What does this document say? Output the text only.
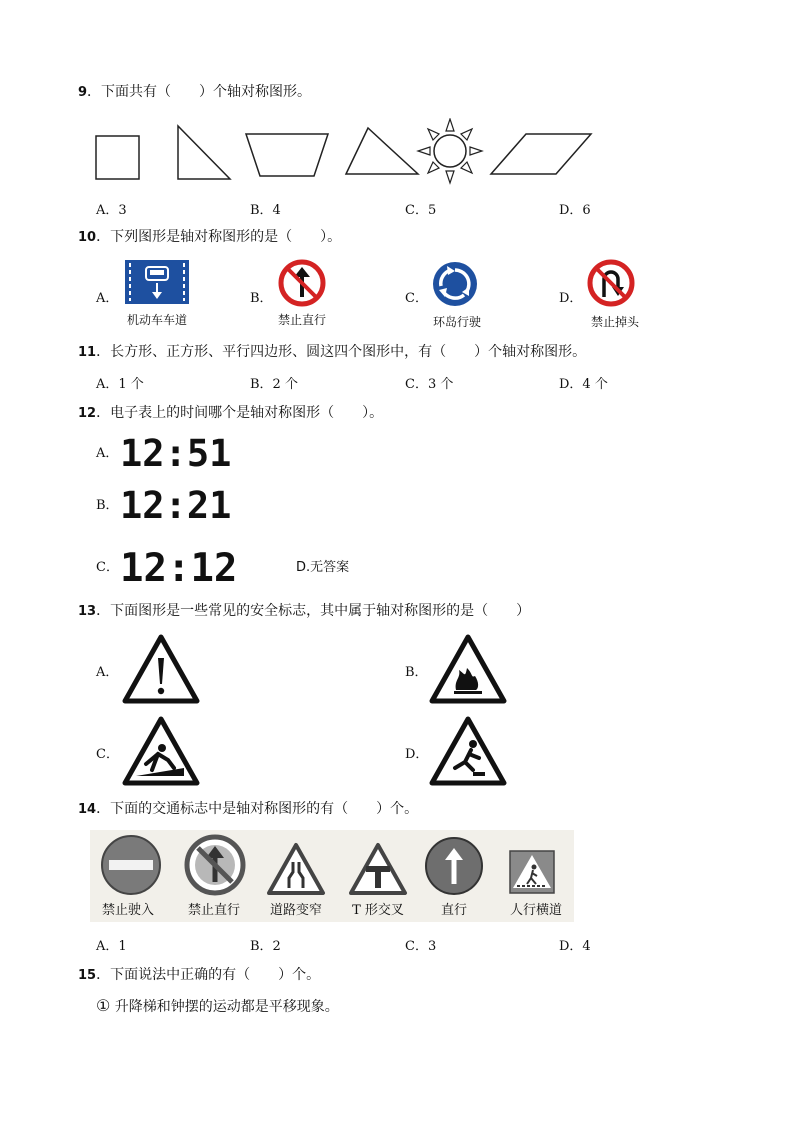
9．下面共有（　　）个轴对称图形。
A．3	B．4	C．5	D．6
10．下列图形是轴对称图形的是（　　）。
A．
机动车车道
B．
禁止直行
C．
环岛行驶
D．
禁止掉头
11．长方形、正方形、平行四边形、圆这四个图形中，有（　　）个轴对称图形。
A．1 个	B．2 个	C．3 个	D．4 个
12．电子表上的时间哪个是轴对称图形（　　）。
A． 12:51
B． 12:21
C． 12:12	D.无答案
13．下面图形是一些常见的安全标志，其中属于轴对称图形的是（　　）
A．	B．
C．	D．
14．下面的交通标志中是轴对称图形的有（　　）个。
禁止驶入	禁止直行	道路变窄	T 形交叉	直行	人行横道
A．1	B．2	C．3	D．4
15．下面说法中正确的有（　　）个。
① 升降梯和钟摆的运动都是平移现象。
